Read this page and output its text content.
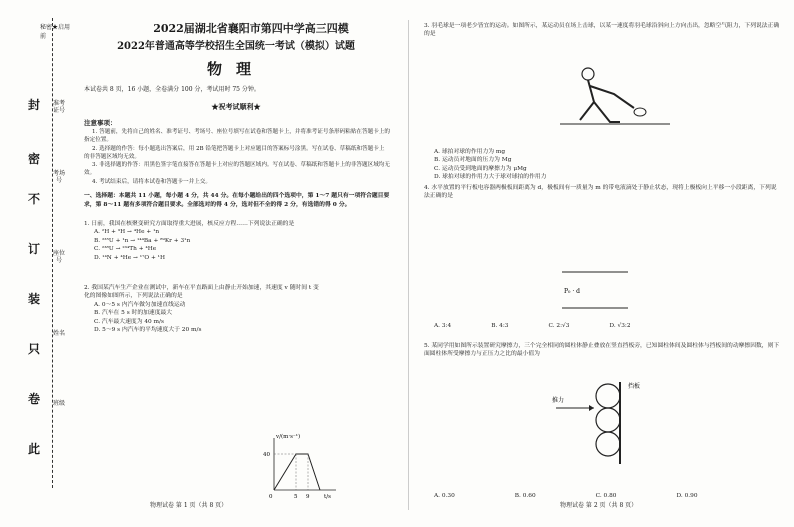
秘密★启用前
封
密
不
订
装
只
卷
此
准考证号
考场号
座位号
姓名
班级
2022届湖北省襄阳市第四中学高三四模
2022年普通高等学校招生全国统一考试（模拟）试题
物理
本试卷共 8 页，16 小题，全卷满分 100 分，考试用时 75 分钟。
★祝考试顺利★
注意事项：

1. 答题前，先将自己的姓名、准考证号、考场号、座位号填写在试卷和答题卡上，并将准考证号条形码粘贴在答题卡上的指定位置。

2. 选择题的作答：每小题选出答案后，用 2B 铅笔把答题卡上对应题目的答案标号涂黑。写在试卷、草稿纸和答题卡上的非答题区域均无效。

3. 非选择题的作答：用黑色签字笔直接答在答题卡上对应的答题区域内。写在试卷、草稿纸和答题卡上的非答题区域均无效。

4. 考试结束后，请将本试卷和答题卡一并上交。

一、选择题：本题共 11 小题，每小题 4 分，共 44 分。在每小题给出的四个选项中，第 1～7 题只有一项符合题目要求，第 8～11 题有多项符合题目要求。全部选对的得 4 分，选对但不全的得 2 分，有选错的得 0 分。
1. 日前，我国在核聚变研究方面取得重大进展，核反应方程……下列说法正确的是
A. ²H + ³H → ⁴He + ¹n
B. ²³⁵U + ¹n → ¹⁴⁴Ba + ⁸⁹Kr + 3¹n
C. ²³⁸U → ²³⁴Th + ⁴He
D. ¹⁴N + ⁴He → ¹⁷O + ¹H
2. 我国某汽车生产企业在测试中，新车在平直路面上由静止开始加速，其速度 v 随时间 t 变化的图像如图所示，下列说法正确的是
A. 0～5 s 内汽车做匀加速直线运动
B. 汽车在 5 s 时的加速度最大
C. 汽车最大速度为 40 m/s
D. 5～9 s 内汽车的平均速度大于 20 m/s
v/(m·s⁻¹)
40
0	5 9	t/s
物理试卷 第 1 页（共 8 页）
3. 羽毛球是一项老少皆宜的运动。如图所示，某运动员在场上击球，以某一速度将羽毛球沿斜向上方向击出，忽略空气阻力，下列说法正确的是
A. 球拍对球的作用力为 mg
B. 运动员对地面的压力为 Mg
C. 运动员受到地面的摩擦力为 μMg
D. 球拍对球的作用力大于球对球拍的作用力
4. 水平放置的平行板电容器两极板间距离为 d，极板间有一质量为 m 的带电液滴处于静止状态，现将上极板向上平移一小段距离，下列说法正确的是
A. 3:4	B. 4:3	C. 2:√3	D. √3:2
5. 某同学用如图所示装置研究摩擦力，三个完全相同的圆柱体静止叠放在竖直挡板旁，已知圆柱体间及圆柱体与挡板间的动摩擦因数，则下面圆柱体所受摩擦力与正压力之比的最小值为
A. 0.30	B. 0.60	C. 0.80	D. 0.90
P₀ · d
推力
挡板
物理试卷 第 2 页（共 8 页）
